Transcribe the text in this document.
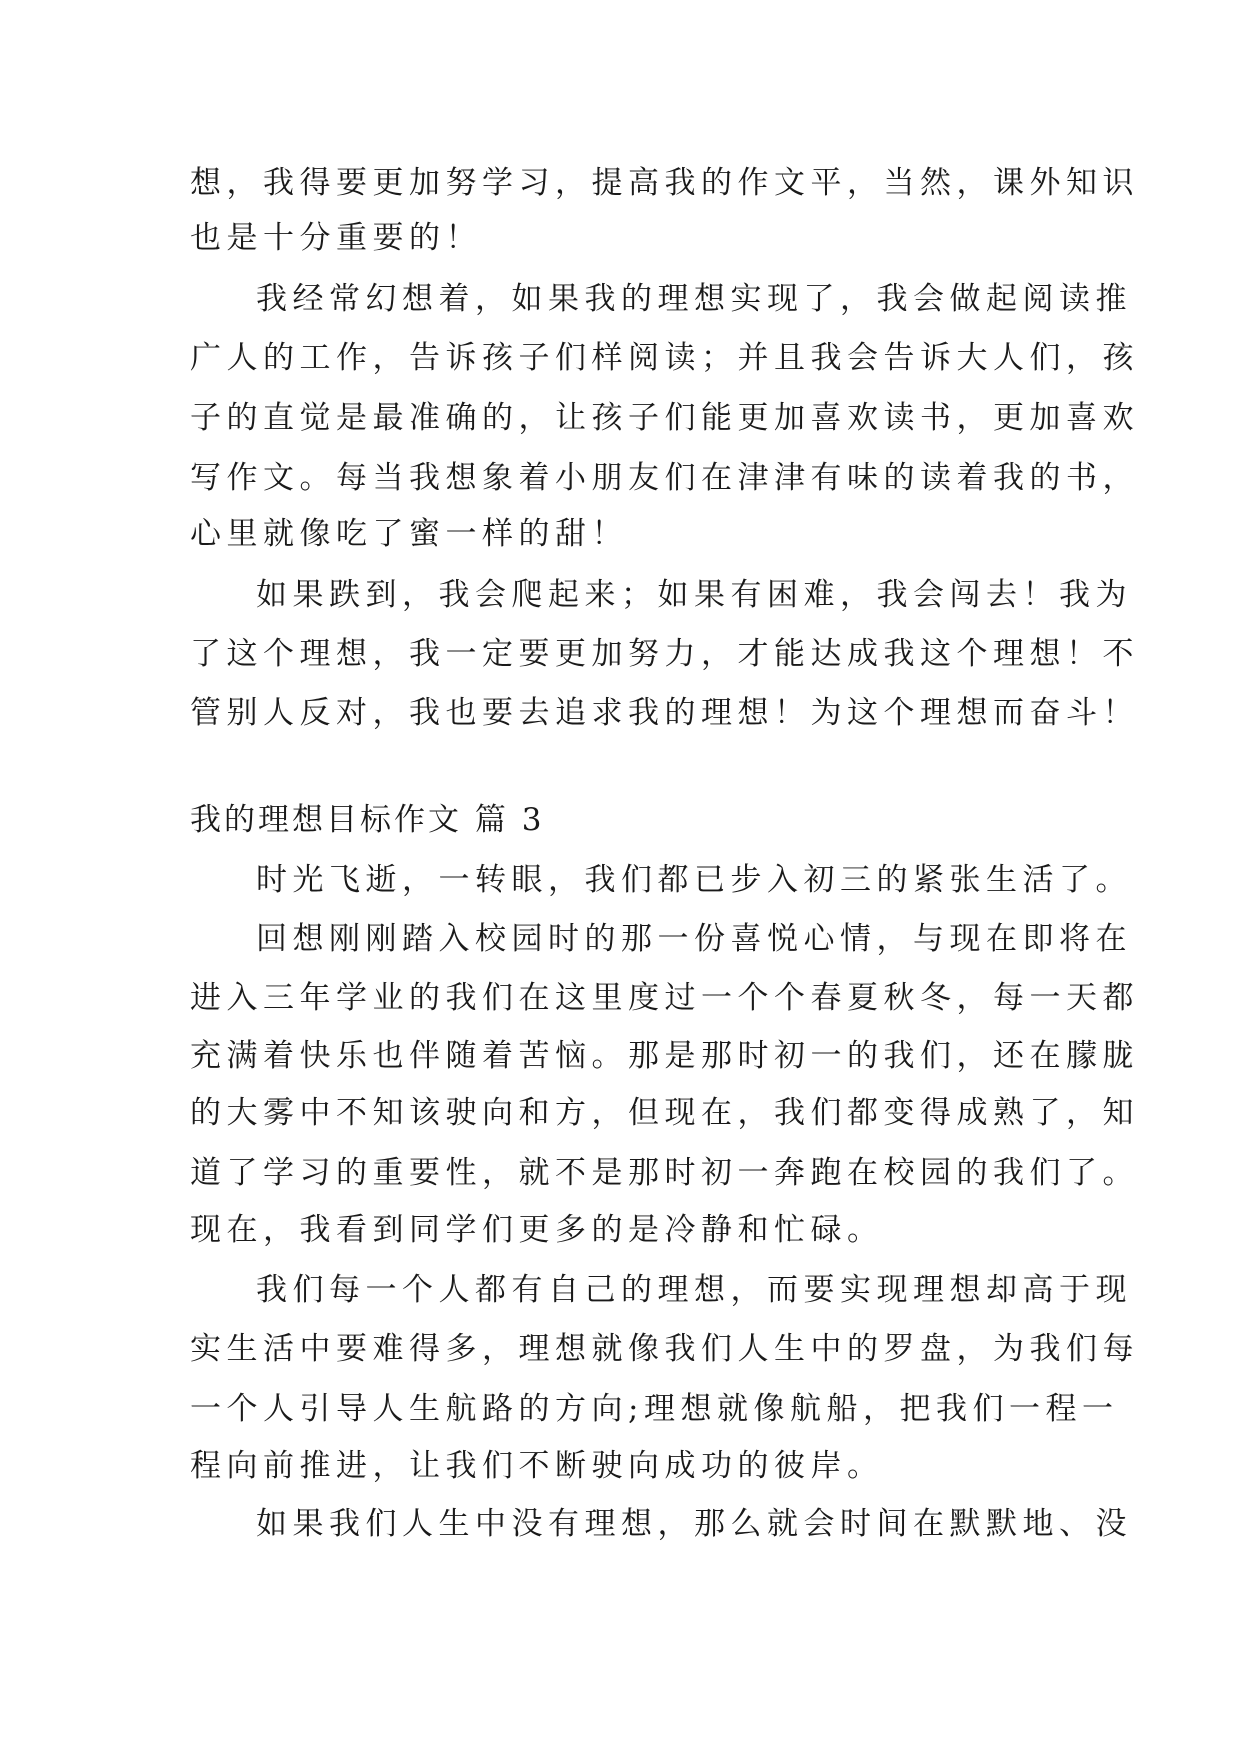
想，我得要更加努学习，提高我的作文平，当然，课外知识
也是十分重要的！
我经常幻想着，如果我的理想实现了，我会做起阅读推
广人的工作，告诉孩子们样阅读；并且我会告诉大人们，孩
子的直觉是最准确的，让孩子们能更加喜欢读书，更加喜欢
写作文。每当我想象着小朋友们在津津有味的读着我的书，
心里就像吃了蜜一样的甜！
如果跌到，我会爬起来；如果有困难，我会闯去！我为
了这个理想，我一定要更加努力，才能达成我这个理想！不
管别人反对，我也要去追求我的理想！为这个理想而奋斗！
我的理想目标作文 篇 3
时光飞逝，一转眼，我们都已步入初三的紧张生活了。
回想刚刚踏入校园时的那一份喜悦心情，与现在即将在
进入三年学业的我们在这里度过一个个春夏秋冬，每一天都
充满着快乐也伴随着苦恼。那是那时初一的我们，还在朦胧
的大雾中不知该驶向和方，但现在，我们都变得成熟了，知
道了学习的重要性，就不是那时初一奔跑在校园的我们了。
现在，我看到同学们更多的是冷静和忙碌。
我们每一个人都有自己的理想，而要实现理想却高于现
实生活中要难得多，理想就像我们人生中的罗盘，为我们每
一个人引导人生航路的方向;理想就像航船，把我们一程一
程向前推进，让我们不断驶向成功的彼岸。
如果我们人生中没有理想，那么就会时间在默默地、没
